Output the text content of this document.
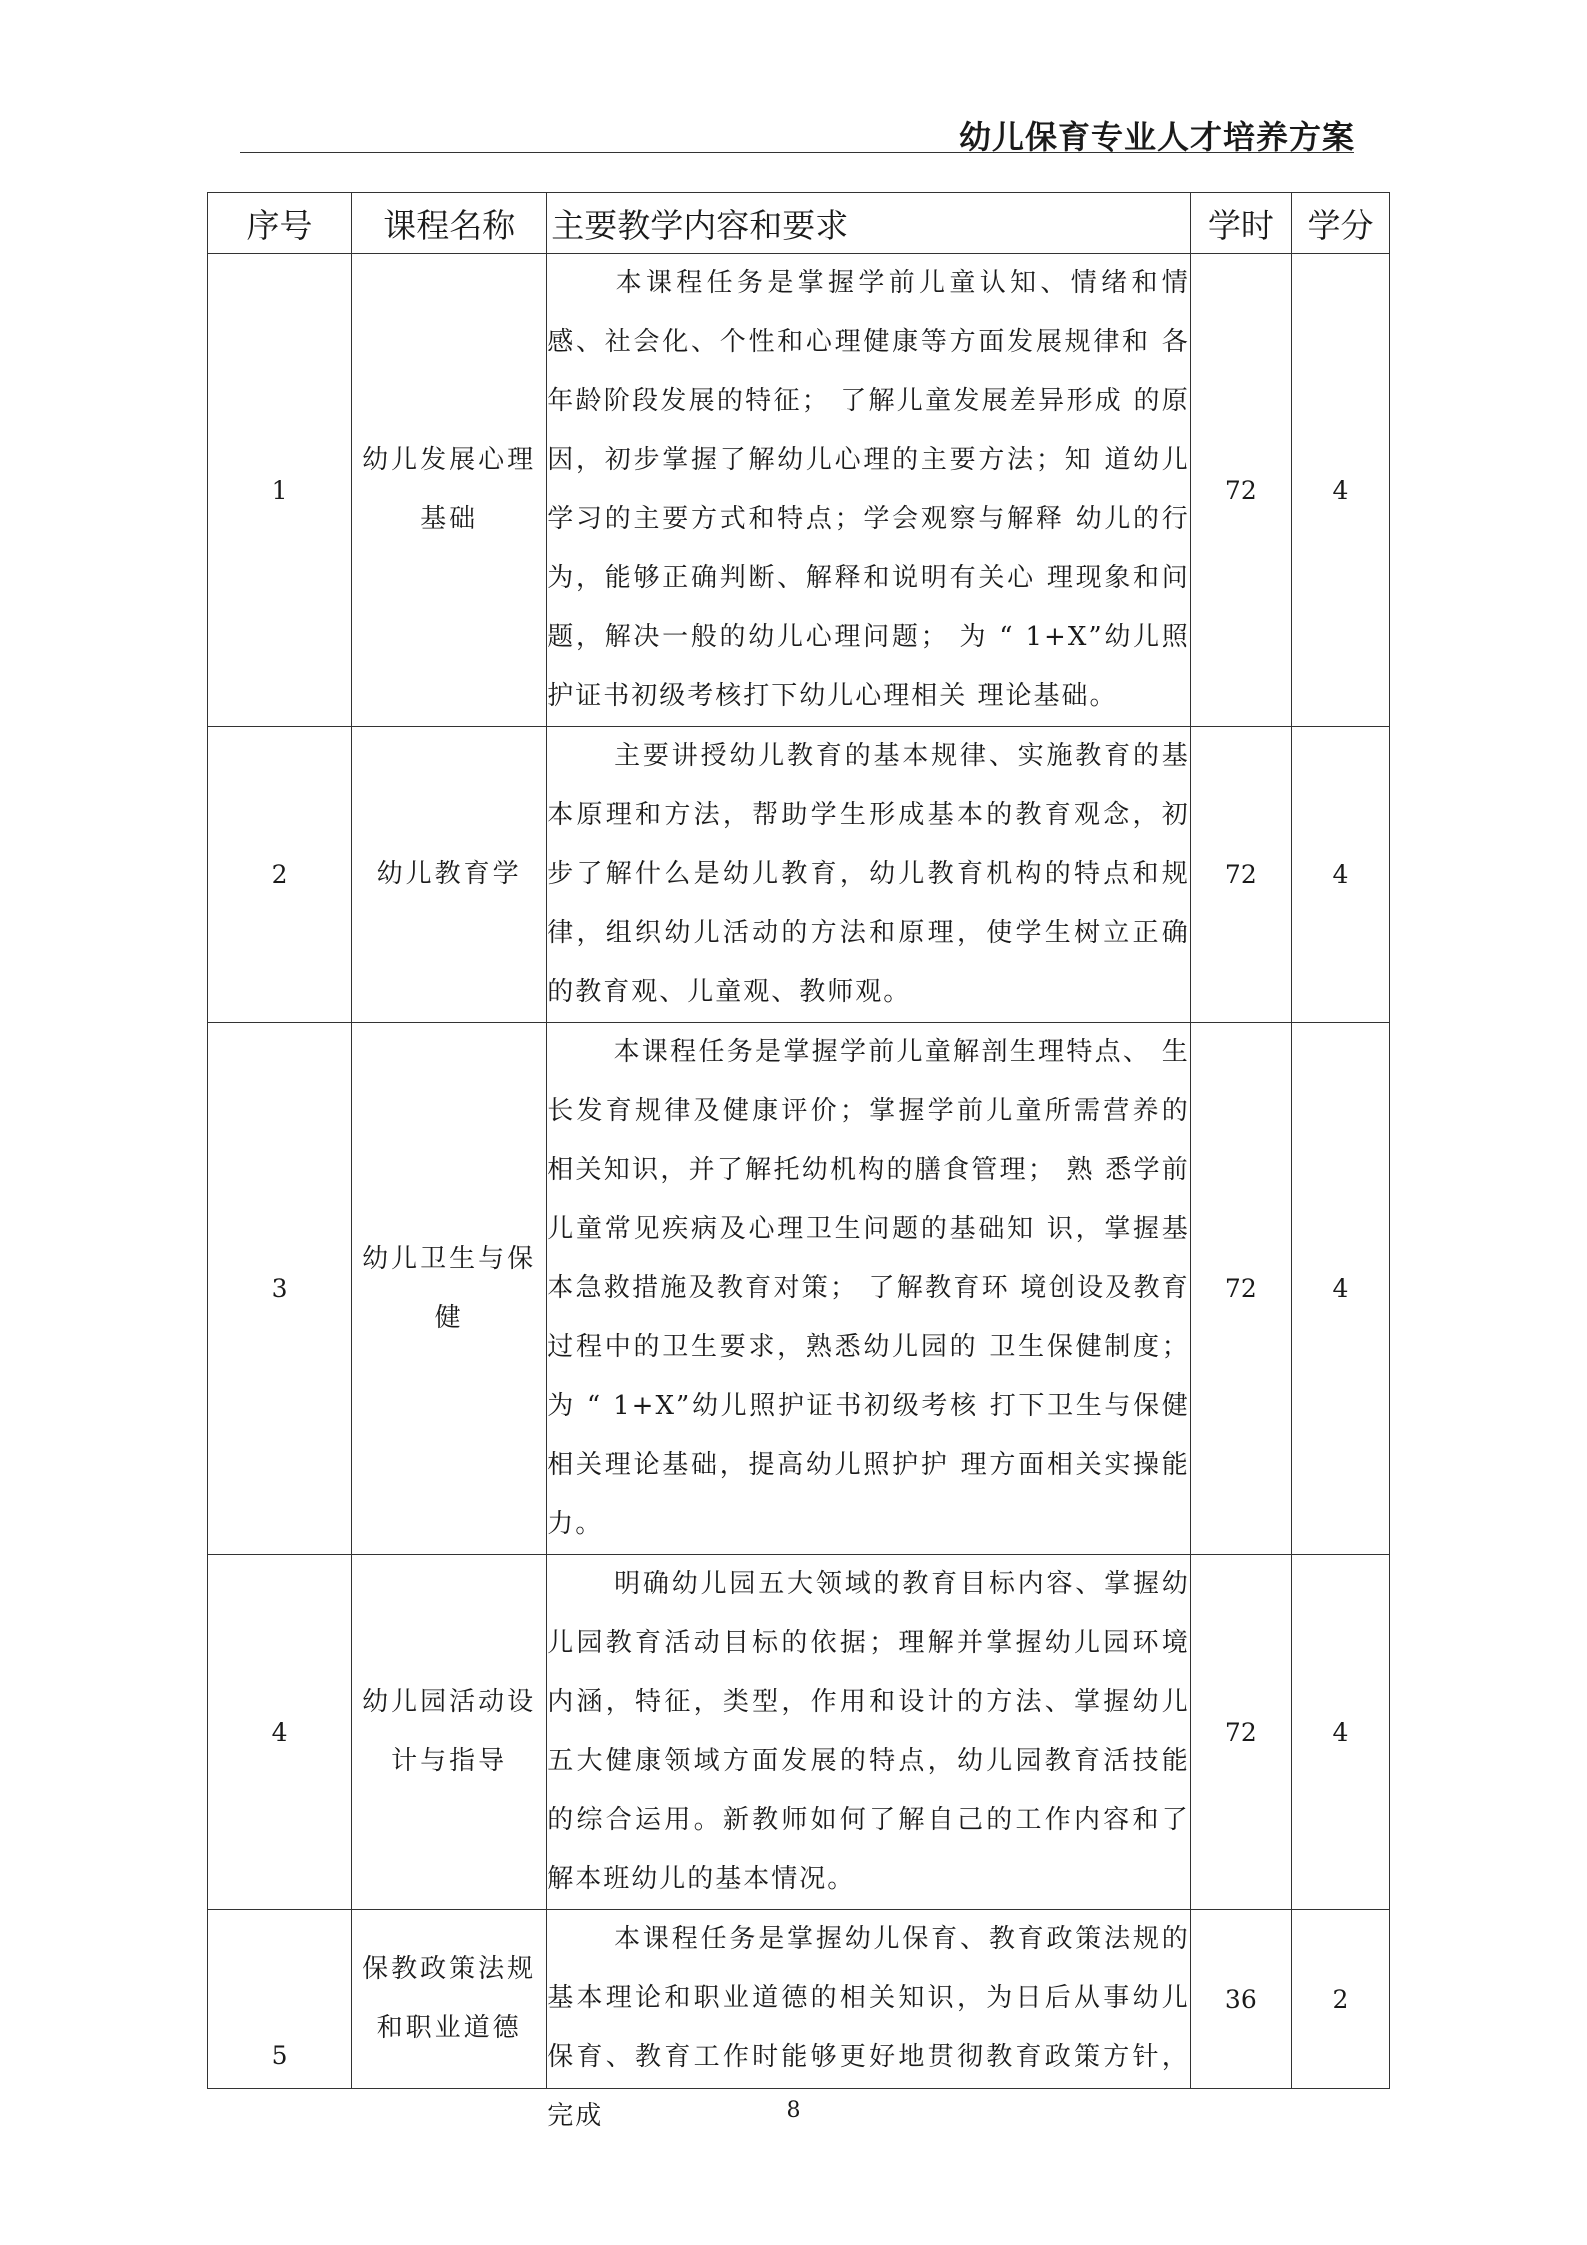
幼儿保育专业人才培养方案
序号	课程名称	主要教学内容和要求	学时	学分
1	幼儿发展心理基础	本课程任务是掌握学前儿童认知、情绪和情感、社会化、个性和心理健康等方面发展规律和 各年龄阶段发展的特征； 了解儿童发展差异形成 的原因，初步掌握了解幼儿心理的主要方法；知 道幼儿学习的主要方式和特点；学会观察与解释 幼儿的行为，能够正确判断、解释和说明有关心 理现象和问题，解决一般的幼儿心理问题； 为 “ 1+X”幼儿照护证书初级考核打下幼儿心理相关 理论基础。	72	4
2	幼儿教育学	主要讲授幼儿教育的基本规律、实施教育的基本原理和方法，帮助学生形成基本的教育观念，初步了解什么是幼儿教育，幼儿教育机构的特点和规律，组织幼儿活动的方法和原理，使学生树立正确的教育观、儿童观、教师观。	72	4
3	幼儿卫生与保健	本课程任务是掌握学前儿童解剖生理特点、 生长发育规律及健康评价；掌握学前儿童所需营养的相关知识，并了解托幼机构的膳食管理； 熟 悉学前儿童常见疾病及心理卫生问题的基础知 识，掌握基本急救措施及教育对策； 了解教育环 境创设及教育过程中的卫生要求，熟悉幼儿园的 卫生保健制度；为 “ 1+X”幼儿照护证书初级考核 打下卫生与保健相关理论基础，提高幼儿照护护 理方面相关实操能力。	72	4
4	幼儿园活动设计与指导	明确幼儿园五大领域的教育目标内容、掌握幼儿园教育活动目标的依据；理解并掌握幼儿园环境内涵，特征，类型，作用和设计的方法、掌握幼儿五大健康领域方面发展的特点，幼儿园教育活技能的综合运用。新教师如何了解自己的工作内容和了解本班幼儿的基本情况。	72	4
5	保教政策法规和职业道德	本课程任务是掌握幼儿保育、教育政策法规的基本理论和职业道德的相关知识，为日后从事幼儿保育、教育工作时能够更好地贯彻教育政策方针，完成	36	2
8
